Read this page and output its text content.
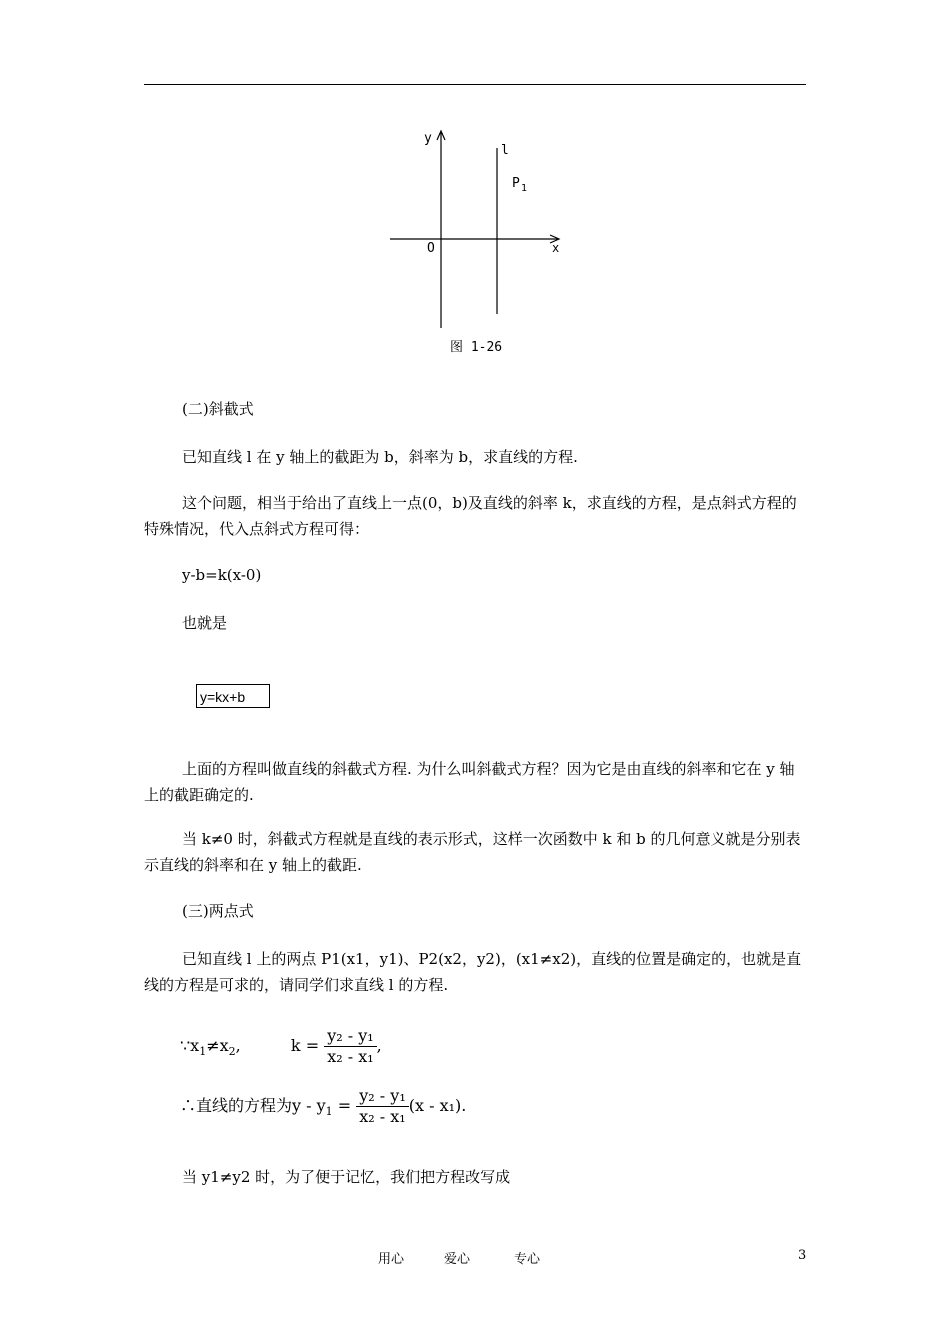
y
x
O
l
P 1
图 1-26

(二)斜截式

已知直线 l 在 y 轴上的截距为 b，斜率为 b，求直线的方程.

这个问题，相当于给出了直线上一点(0，b)及直线的斜率 k，求直线的方程，是点斜式方程的特殊情况，代入点斜式方程可得：

y-b=k(x-0)

也就是

y=kx+b

上面的方程叫做直线的斜截式方程. 为什么叫斜截式方程？因为它是由直线的斜率和它在 y 轴上的截距确定的.

当 k≠0 时，斜截式方程就是直线的表示形式，这样一次函数中 k 和 b 的几何意义就是分别表示直线的斜率和在 y 轴上的截距.

(三)两点式

已知直线 l 上的两点 P1(x1，y1)、P2(x2，y2)，(x1≠x2)，直线的位置是确定的，也就是直线的方程是可求的，请同学们求直线 l 的方程.

$\because x_1\ne x_2$,	$k = \frac{\text{y₂ - y₁}}{\text{x₂ - x₁}}$ ,
∴直线的方程为$y - y_1 = \frac{\text{y₂ - y₁}}{\text{x₂ - x₁}} (x - x_1)$.

当 y1≠y2 时，为了便于记忆，我们把方程改写成

用心	爱心	专心	3
